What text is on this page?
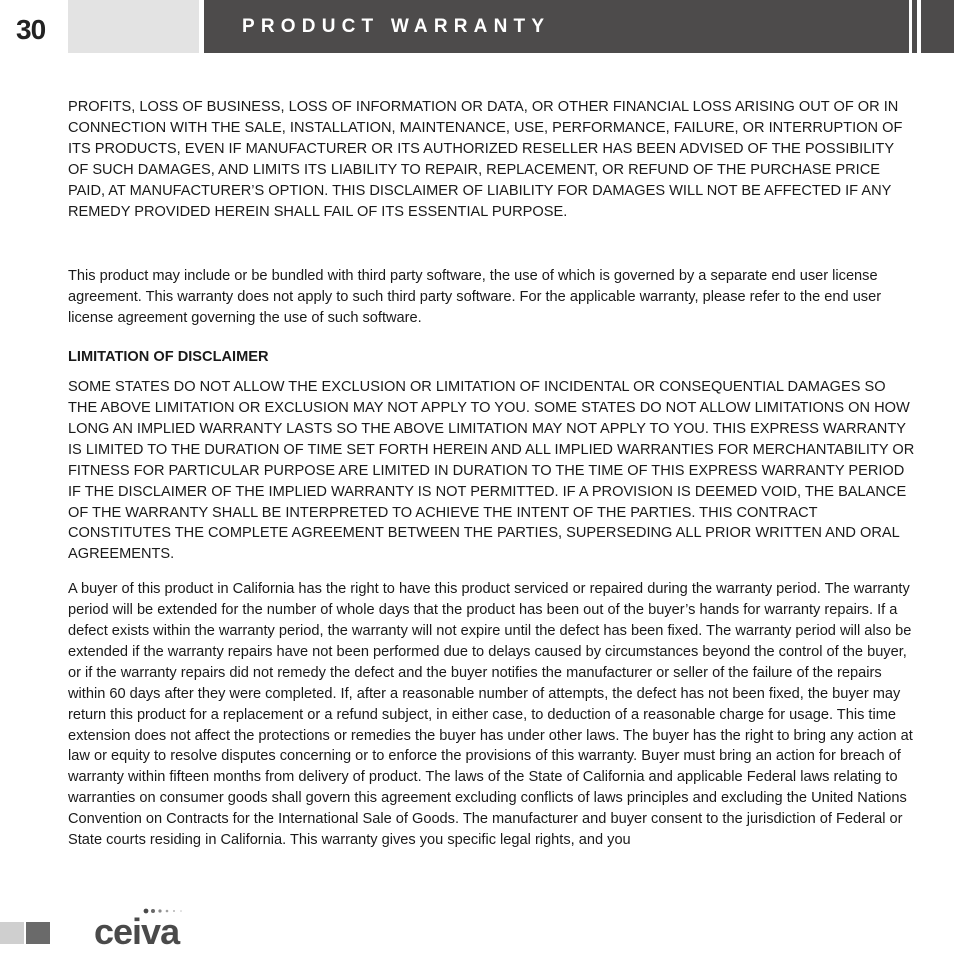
30	PRODUCT WARRANTY

PROFITS, LOSS OF BUSINESS, LOSS OF INFORMATION OR DATA, OR OTHER FINANCIAL LOSS ARISING OUT OF OR IN CONNECTION WITH THE SALE, INSTALLATION, MAINTENANCE, USE, PERFORMANCE, FAILURE, OR INTERRUPTION OF ITS PRODUCTS, EVEN IF MANUFACTURER OR ITS AUTHORIZED RESELLER HAS BEEN ADVISED OF THE POSSIBILITY OF SUCH DAMAGES, AND LIMITS ITS LIABILITY TO REPAIR, REPLACEMENT, OR REFUND OF THE PURCHASE PRICE PAID, AT MANUFACTURER’S OPTION. THIS DISCLAIMER OF LIABILITY FOR DAMAGES WILL NOT BE AFFECTED IF ANY REMEDY PROVIDED HEREIN SHALL FAIL OF ITS ESSENTIAL PURPOSE.

This product may include or be bundled with third party software, the use of which is governed by a separate end user license agreement. This warranty does not apply to such third party software. For the applicable warranty, please refer to the end user license agreement governing the use of such software.

LIMITATION OF DISCLAIMER

SOME STATES DO NOT ALLOW THE EXCLUSION OR LIMITATION OF INCIDENTAL OR CONSEQUENTIAL DAMAGES SO THE ABOVE LIMITATION OR EXCLUSION MAY NOT APPLY TO YOU. SOME STATES DO NOT ALLOW LIMITATIONS ON HOW LONG AN IMPLIED WARRANTY LASTS SO THE ABOVE LIMITATION MAY NOT APPLY TO YOU. THIS EXPRESS WARRANTY IS LIMITED TO THE DURATION OF TIME SET FORTH HEREIN AND ALL IMPLIED WARRANTIES FOR MERCHANTABILITY OR FITNESS FOR PARTICULAR PURPOSE ARE LIMITED IN DURATION TO THE TIME OF THIS EXPRESS WARRANTY PERIOD IF THE DISCLAIMER OF THE IMPLIED WARRANTY IS NOT PERMITTED. IF A PROVISION IS DEEMED VOID, THE BALANCE OF THE WARRANTY SHALL BE INTERPRETED TO ACHIEVE THE INTENT OF THE PARTIES. THIS CONTRACT CONSTITUTES THE COMPLETE AGREEMENT BETWEEN THE PARTIES, SUPERSEDING ALL PRIOR WRITTEN AND ORAL AGREEMENTS.

A buyer of this product in California has the right to have this product serviced or repaired during the warranty period. The warranty period will be extended for the number of whole days that the product has been out of the buyer’s hands for warranty repairs. If a defect exists within the warranty period, the warranty will not expire until the defect has been fixed. The warranty period will also be extended if the warranty repairs have not been performed due to delays caused by circumstances beyond the control of the buyer, or if the warranty repairs did not remedy the defect and the buyer notifies the manufacturer or seller of the failure of the repairs within 60 days after they were completed. If, after a reasonable number of attempts, the defect has not been fixed, the buyer may return this product for a replacement or a refund subject, in either case, to deduction of a reasonable charge for usage. This time extension does not affect the protections or remedies the buyer has under other laws. The buyer has the right to bring any action at law or equity to resolve disputes concerning or to enforce the provisions of this warranty. Buyer must bring an action for breach of warranty within fifteen months from delivery of product. The laws of the State of California and applicable Federal laws relating to warranties on consumer goods shall govern this agreement excluding conflicts of laws principles and excluding the United Nations Convention on Contracts for the International Sale of Goods. The manufacturer and buyer consent to the jurisdiction of Federal or State courts residing in California. This warranty gives you specific legal rights, and you

ceiva
